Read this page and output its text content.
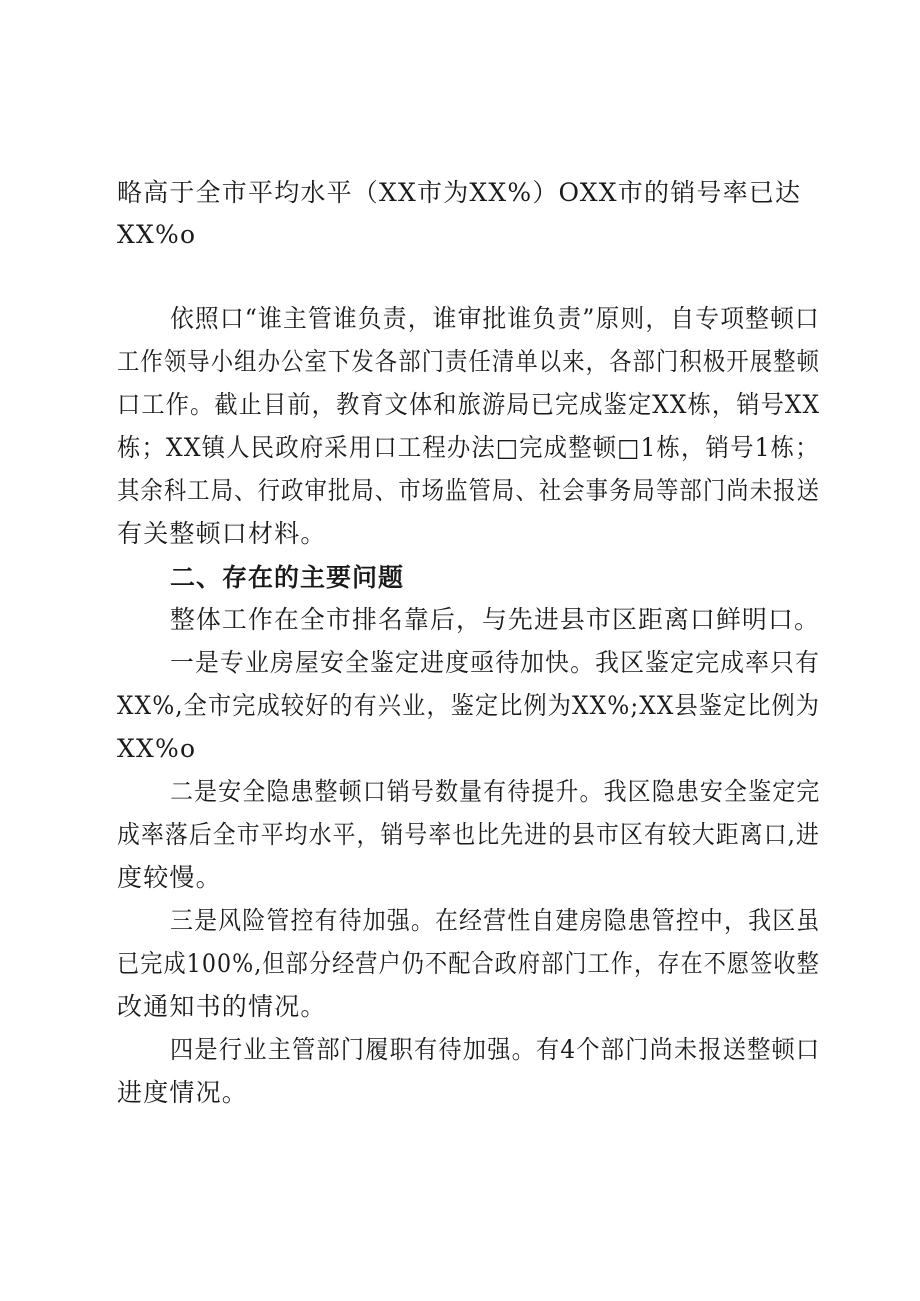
略高于全市平均水平（XX市为XX%）OXX市的销号率已达
XX%o
依照口“谁主管谁负责，谁审批谁负责”原则，自专项整顿口
工作领导小组办公室下发各部门责任清单以来，各部门积极开展整顿
口工作。截止目前，教育文体和旅游局已完成鉴定XX栋，销号XX
栋；XX镇人民政府采用口工程办法□完成整顿□1栋，销号1栋；
其余科工局、行政审批局、市场监管局、社会事务局等部门尚未报送
有关整顿口材料。
二、存在的主要问题
整体工作在全市排名靠后，与先进县市区距离口鲜明口。
一是专业房屋安全鉴定进度亟待加快。我区鉴定完成率只有
XX%,全市完成较好的有兴业，鉴定比例为XX%;XX县鉴定比例为
XX%o
二是安全隐患整顿口销号数量有待提升。我区隐患安全鉴定完
成率落后全市平均水平，销号率也比先进的县市区有较大距离口,进
度较慢。
三是风险管控有待加强。在经营性自建房隐患管控中，我区虽
已完成100%,但部分经营户仍不配合政府部门工作，存在不愿签收整
改通知书的情况。
四是行业主管部门履职有待加强。有4个部门尚未报送整顿口
进度情况。
